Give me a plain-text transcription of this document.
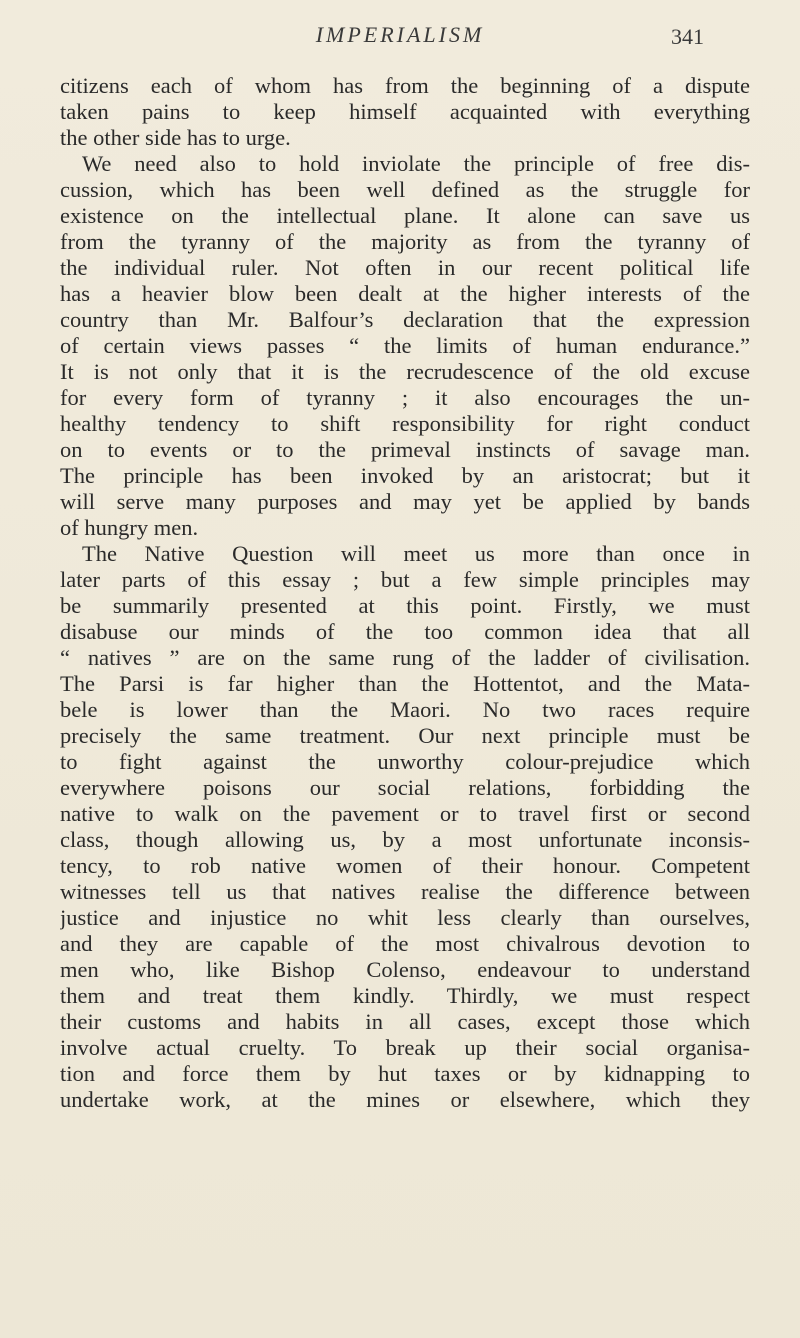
IMPERIALISM	341
citizens each of whom has from the beginning of a dispute
taken pains to keep himself acquainted with everything
the other side has to urge.
We need also to hold inviolate the principle of free dis-
cussion, which has been well defined as the struggle for
existence on the intellectual plane. It alone can save us
from the tyranny of the majority as from the tyranny of
the individual ruler. Not often in our recent political life
has a heavier blow been dealt at the higher interests of the
country than Mr. Balfour’s declaration that the expression
of certain views passes “ the limits of human endurance.”
It is not only that it is the recrudescence of the old excuse
for every form of tyranny ; it also encourages the un-
healthy tendency to shift responsibility for right conduct
on to events or to the primeval instincts of savage man.
The principle has been invoked by an aristocrat; but it
will serve many purposes and may yet be applied by bands
of hungry men.
The Native Question will meet us more than once in
later parts of this essay ; but a few simple principles may
be summarily presented at this point. Firstly, we must
disabuse our minds of the too common idea that all
“ natives ” are on the same rung of the ladder of civilisation.
The Parsi is far higher than the Hottentot, and the Mata-
bele is lower than the Maori. No two races require
precisely the same treatment. Our next principle must be
to fight against the unworthy colour-prejudice which
everywhere poisons our social relations, forbidding the
native to walk on the pavement or to travel first or second
class, though allowing us, by a most unfortunate inconsis-
tency, to rob native women of their honour. Competent
witnesses tell us that natives realise the difference between
justice and injustice no whit less clearly than ourselves,
and they are capable of the most chivalrous devotion to
men who, like Bishop Colenso, endeavour to understand
them and treat them kindly. Thirdly, we must respect
their customs and habits in all cases, except those which
involve actual cruelty. To break up their social organisa-
tion and force them by hut taxes or by kidnapping to
undertake work, at the mines or elsewhere, which they
